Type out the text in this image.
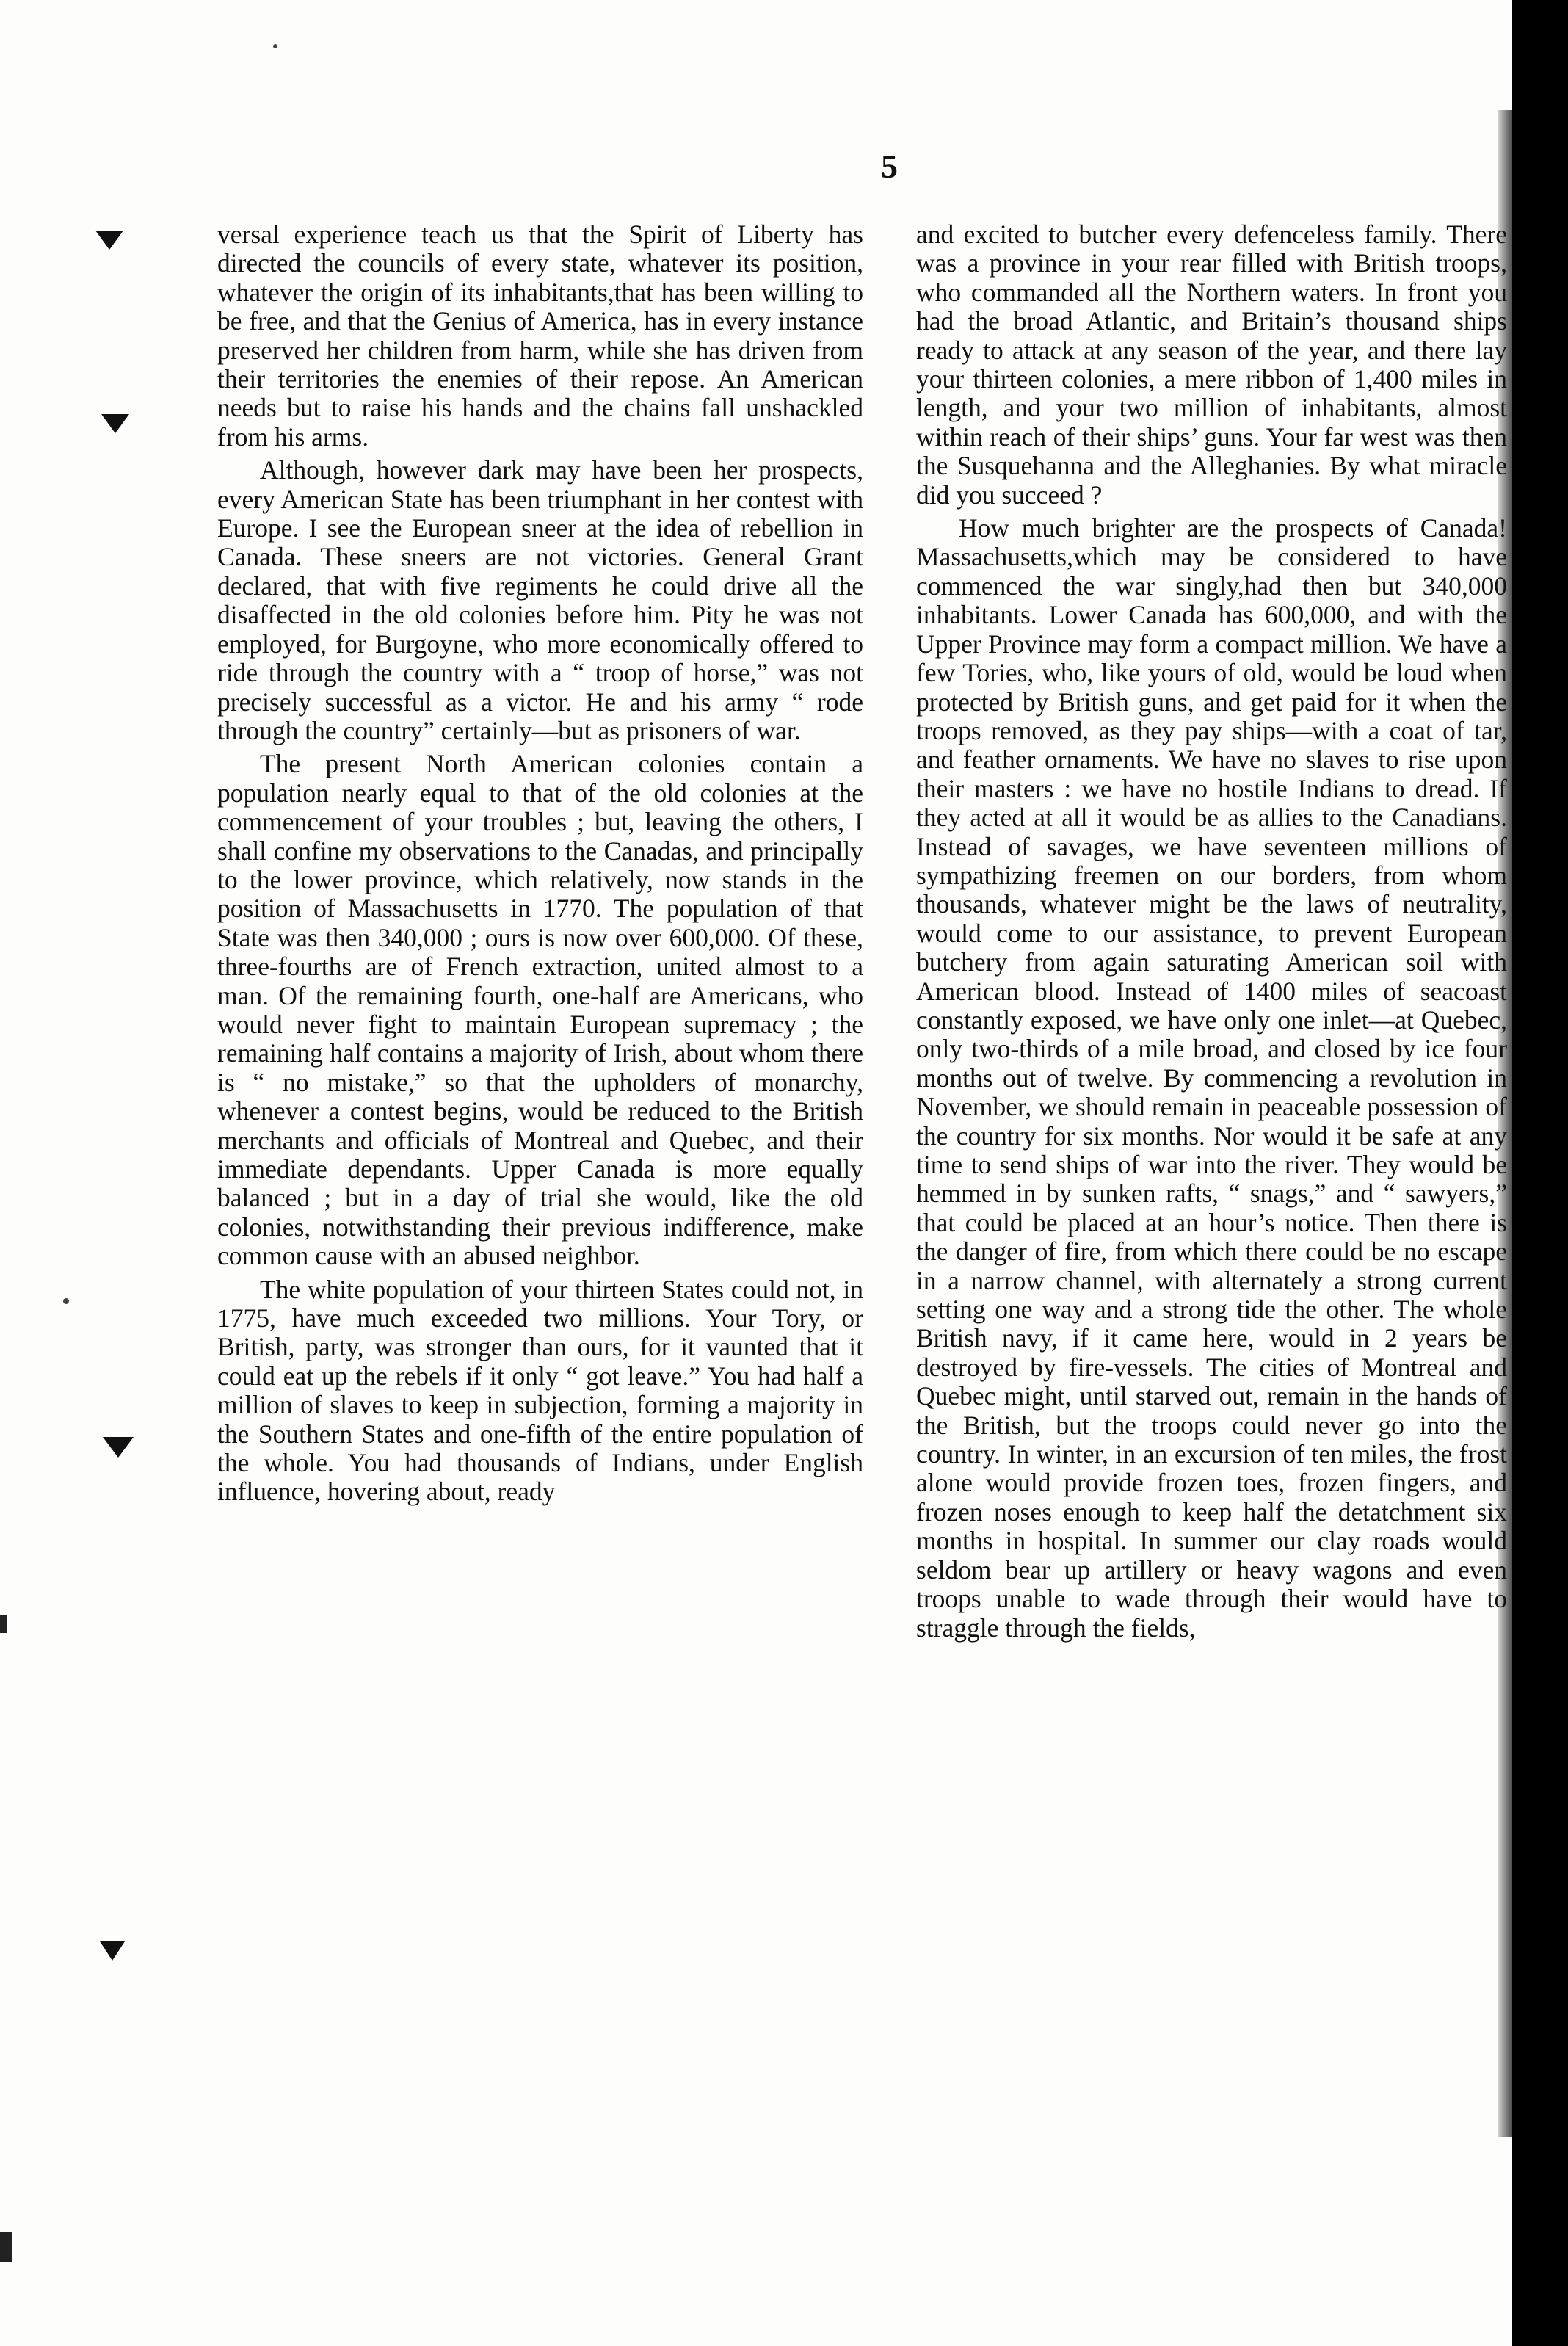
5

versal experience teach us that the Spirit of Liberty has directed the councils of every state, whatever its position, whatever the origin of its inhabitants,that has been willing to be free, and that the Genius of America, has in every instance preserved her children from harm, while she has driven from their territories the enemies of their repose. An American needs but to raise his hands and the chains fall unshackled from his arms.

Although, however dark may have been her prospects, every American State has been triumphant in her contest with Europe. I see the European sneer at the idea of rebellion in Canada. These sneers are not victories. General Grant declared, that with five regiments he could drive all the disaffected in the old colonies before him. Pity he was not employed, for Burgoyne, who more economically offered to ride through the country with a “ troop of horse,” was not precisely successful as a victor. He and his army “ rode through the country” certainly—but as prisoners of war.

The present North American colonies contain a population nearly equal to that of the old colonies at the commencement of your troubles ; but, leaving the others, I shall confine my observations to the Canadas, and principally to the lower province, which relatively, now stands in the position of Massachusetts in 1770. The population of that State was then 340,000 ; ours is now over 600,000. Of these, three-fourths are of French extraction, united almost to a man. Of the remaining fourth, one-half are Americans, who would never fight to maintain European supremacy ; the remaining half contains a majority of Irish, about whom there is “ no mistake,” so that the upholders of monarchy, whenever a contest begins, would be reduced to the British merchants and officials of Montreal and Quebec, and their immediate dependants. Upper Canada is more equally balanced ; but in a day of trial she would, like the old colonies, notwithstanding their previous indifference, make common cause with an abused neighbor.

The white population of your thirteen States could not, in 1775, have much exceeded two millions. Your Tory, or British, party, was stronger than ours, for it vaunted that it could eat up the rebels if it only “ got leave.” You had half a million of slaves to keep in subjection, forming a majority in the Southern States and one-fifth of the entire population of the whole. You had thousands of Indians, under English influence, hovering about, ready

and excited to butcher every defenceless family. There was a province in your rear filled with British troops, who commanded all the Northern waters. In front you had the broad Atlantic, and Britain’s thousand ships ready to attack at any season of the year, and there lay your thirteen colonies, a mere ribbon of 1,400 miles in length, and your two million of inhabitants, almost within reach of their ships’ guns. Your far west was then the Susquehanna and the Alleghanies. By what miracle did you succeed ?

How much brighter are the prospects of Canada! Massachusetts,which may be considered to have commenced the war singly,had then but 340,000 inhabitants. Lower Canada has 600,000, and with the Upper Province may form a compact million. We have a few Tories, who, like yours of old, would be loud when protected by British guns, and get paid for it when the troops removed, as they pay ships—with a coat of tar, and feather ornaments. We have no slaves to rise upon their masters : we have no hostile Indians to dread. If they acted at all it would be as allies to the Canadians. Instead of savages, we have seventeen millions of sympathizing freemen on our borders, from whom thousands, whatever might be the laws of neutrality, would come to our assistance, to prevent European butchery from again saturating American soil with American blood. Instead of 1400 miles of seacoast constantly exposed, we have only one inlet—at Quebec, only two-thirds of a mile broad, and closed by ice four months out of twelve. By commencing a revolution in November, we should remain in peaceable possession of the country for six months. Nor would it be safe at any time to send ships of war into the river. They would be hemmed in by sunken rafts, “ snags,” and “ sawyers,” that could be placed at an hour’s notice. Then there is the danger of fire, from which there could be no escape in a narrow channel, with alternately a strong current setting one way and a strong tide the other. The whole British navy, if it came here, would in 2 years be destroyed by fire-vessels. The cities of Montreal and Quebec might, until starved out, remain in the hands of the British, but the troops could never go into the country. In winter, in an excursion of ten miles, the frost alone would provide frozen toes, frozen fingers, and frozen noses enough to keep half the detatchment six months in hospital. In summer our clay roads would seldom bear up artillery or heavy wagons and even troops unable to wade through their would have to straggle through the fields,
